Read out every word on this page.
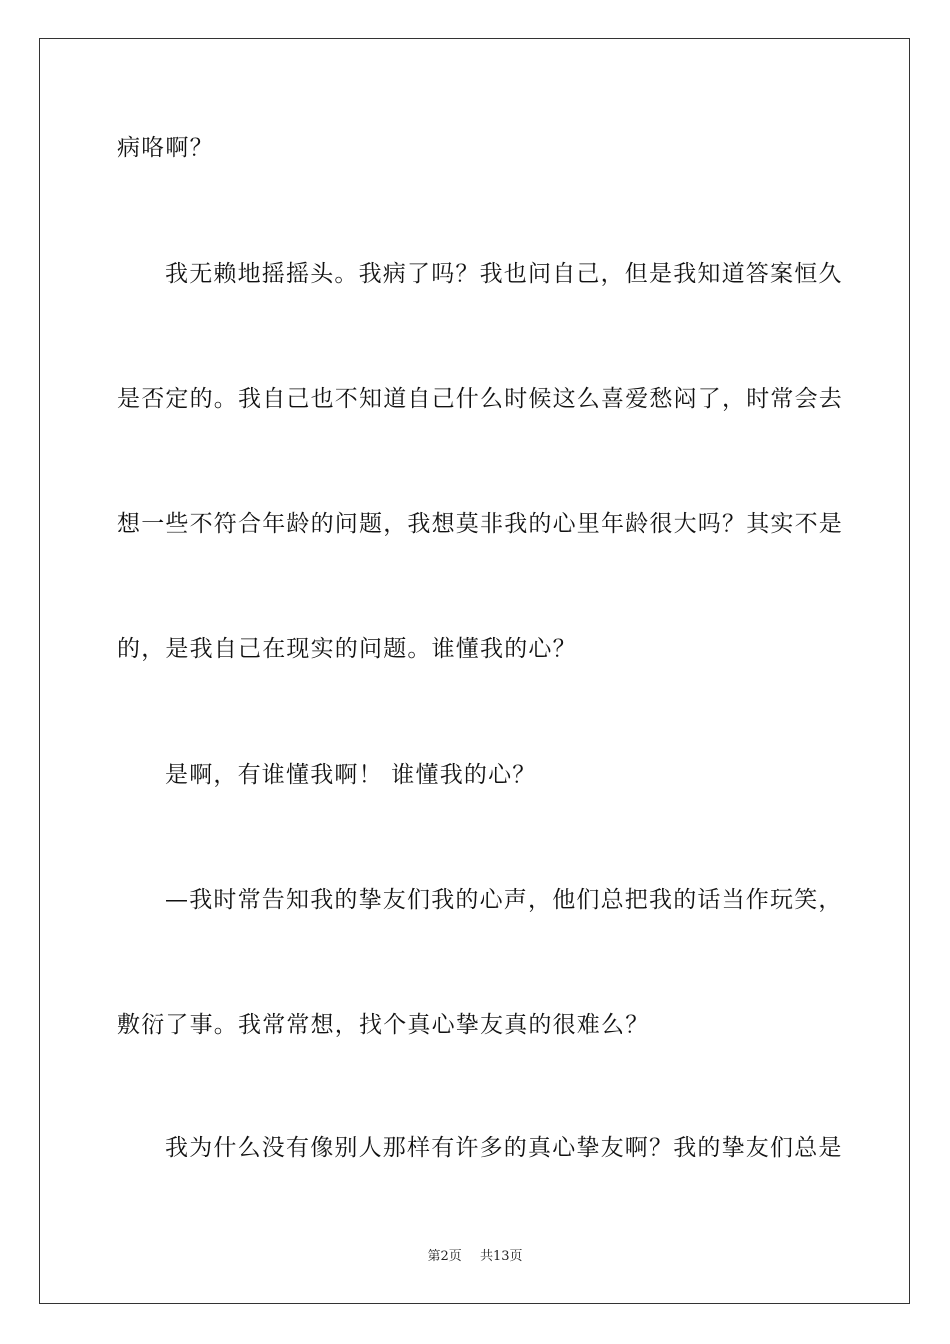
病咯啊？
我无赖地摇摇头。我病了吗？我也问自己，但是我知道答案恒久
是否定的。我自己也不知道自己什么时候这么喜爱愁闷了，时常会去
想一些不符合年龄的问题，我想莫非我的心里年龄很大吗？其实不是
的，是我自己在现实的问题。谁懂我的心？
是啊，有谁懂我啊！ 谁懂我的心？
—我时常告知我的挚友们我的心声，他们总把我的话当作玩笑，
敷衍了事。我常常想，找个真心挚友真的很难么？
我为什么没有像别人那样有许多的真心挚友啊？我的挚友们总是
第2页 共13页
